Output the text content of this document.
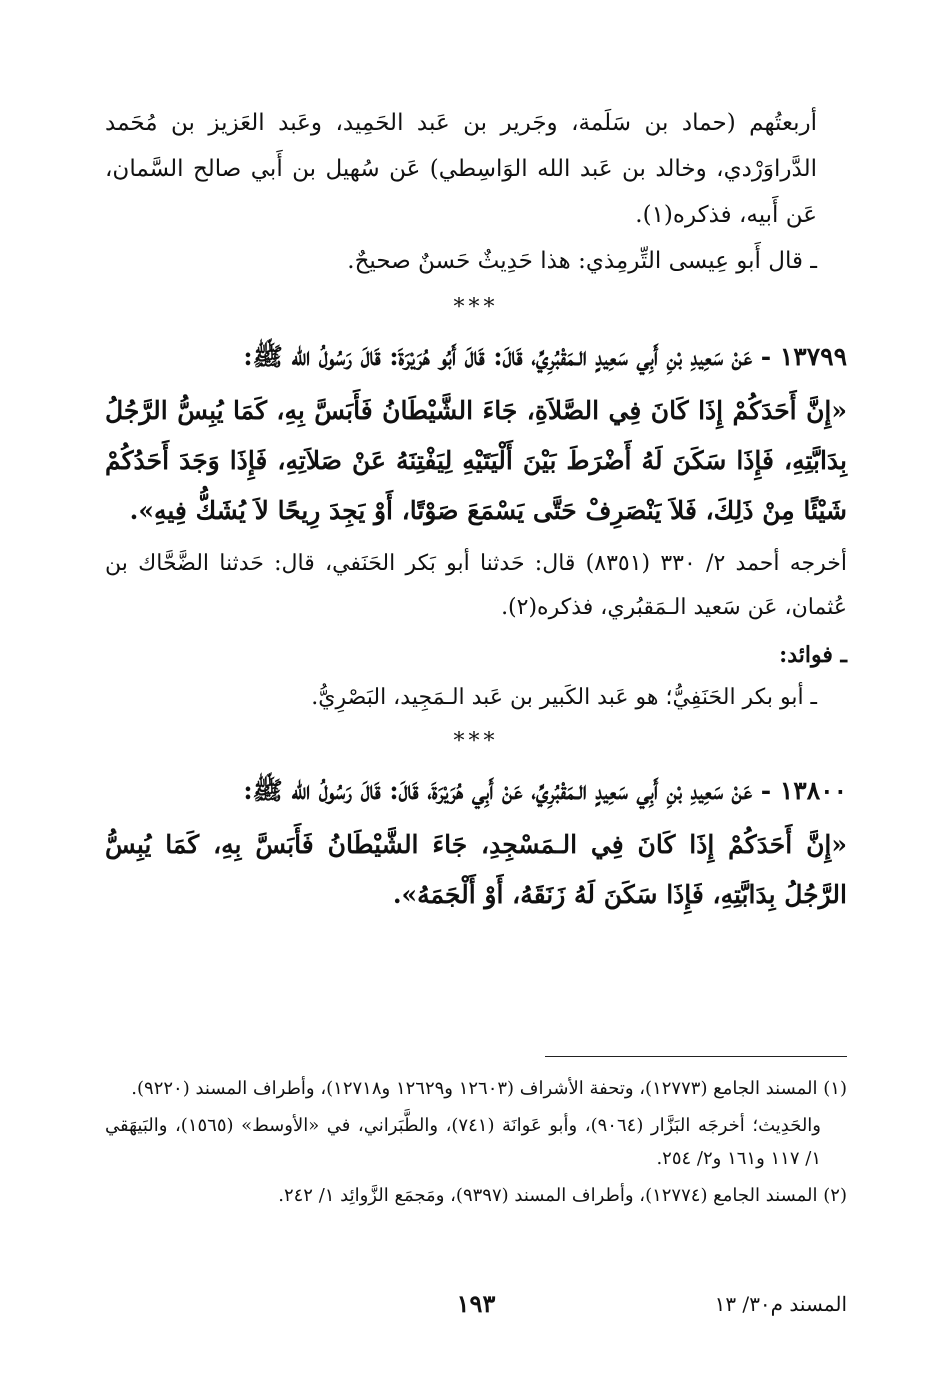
أربعتُهم (حماد بن سَلَمة، وجَرير بن عَبد الحَمِيد، وعَبد العَزيز بن مُحَمد الدَّراوَرْدي، وخالد بن عَبد الله الوَاسِطي) عَن سُهيل بن أَبي صالح السَّمان، عَن أَبيه، فذكره(١).

ـ قال أَبو عِيسى التِّرمِذي: هذا حَدِيثٌ حَسنٌ صحيحٌ.

***

١٣٧٩٩ - عَنْ سَعِيدِ بْنِ أَبِي سَعِيدٍ الـمَقْبُرِيِّ، قَالَ: قَالَ أَبُو هُرَيْرَةَ: قَالَ رَسُولُ الله ﷺ:

«إِنَّ أَحَدَكُمْ إِذَا كَانَ فِي الصَّلاَةِ، جَاءَ الشَّيْطَانُ فَأَبَسَّ بِهِ، كَمَا يُبِسُّ الرَّجُلُ بِدَابَّتِهِ، فَإِذَا سَكَنَ لَهُ أَضْرَطَ بَيْنَ أَلْيَتَيْهِ لِيَفْتِنَهُ عَنْ صَلاَتِهِ، فَإِذَا وَجَدَ أَحَدُكُمْ شَيْئًا مِنْ ذَلِكَ، فَلاَ يَنْصَرِفْ حَتَّى يَسْمَعَ صَوْتًا، أَوْ يَجِدَ رِيحًا لاَ يُشَكُّ فِيهِ».

أخرجه أحمد ٢/ ٣٣٠ (٨٣٥١) قال: حَدثنا أبو بَكر الحَنَفي، قال: حَدثنا الضَّحَّاك بن عُثمان، عَن سَعيد الـمَقبُري، فذكره(٢).

ـ فوائد:

ـ أبو بكر الحَنَفِيُّ؛ هو عَبد الكَبير بن عَبد الـمَجِيد، البَصْرِيُّ.

***

١٣٨٠٠ - عَنْ سَعِيدِ بْنِ أَبِي سَعِيدٍ الـمَقْبُرِيِّ، عَنْ أَبِي هُرَيْرَةَ، قَالَ: قَالَ رَسُولُ الله ﷺ:

«إِنَّ أَحَدَكُمْ إِذَا كَانَ فِي الـمَسْجِدِ، جَاءَ الشَّيْطَانُ فَأَبَسَّ بِهِ، كَمَا يُبِسُّ الرَّجُلُ بِدَابَّتِهِ، فَإِذَا سَكَنَ لَهُ زَنَقَهُ، أَوْ أَلْجَمَهُ».

(١) المسند الجامع (١٢٧٧٣)، وتحفة الأشراف (١٢٦٠٣ و١٢٦٢٩ و١٢٧١٨)، وأطراف المسند (٩٢٢٠).

والحَدِيث؛ أخرجَه البَزَّار (٩٠٦٤)، وأبو عَوانَة (٧٤١)، والطَّبَراني، في «الأوسط» (١٥٦٥)، والبَيهَقي ١/ ١١٧ و١٦١ و٢/ ٢٥٤.

(٢) المسند الجامع (١٢٧٧٤)، وأطراف المسند (٩٣٩٧)، ومَجمَع الزَّوائِد ١/ ٢٤٢.

المسند م٣٠/ ١٣
١٩٣
